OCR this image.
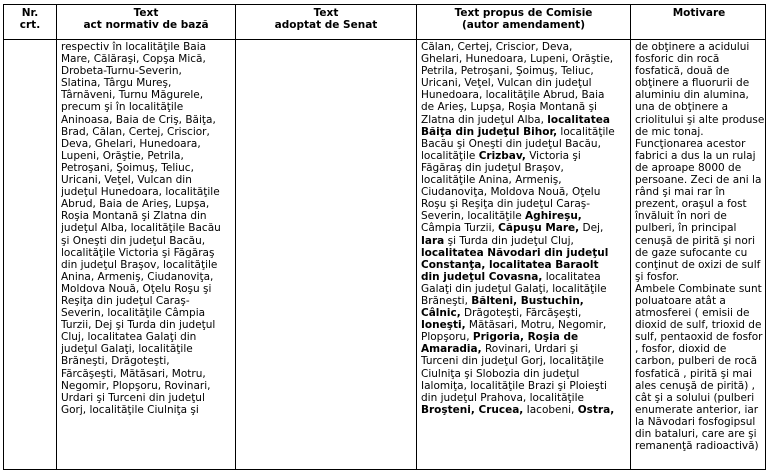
Nr.
crt.
Text
act normativ de bază
Text
adoptat de Senat
Text propus de Comisie
(autor amendament)
Motivare
respectiv în localităţile Baia
Mare, Călăraşi, Copşa Mică,
Drobeta-Turnu-Severin,
Slatina, Târgu Mureş,
Târnăveni, Turnu Măgurele,
precum şi în localităţile
Aninoasa, Baia de Criş, Băiţa,
Brad, Călan, Certej, Criscior,
Deva, Ghelari, Hunedoara,
Lupeni, Orăştie, Petrila,
Petroşani, Şoimuş, Teliuc,
Uricani, Veţel, Vulcan din
judeţul Hunedoara, localităţile
Abrud, Baia de Arieş, Lupşa,
Roşia Montană şi Zlatna din
judeţul Alba, localităţile Bacău
şi Oneşti din judeţul Bacău,
localităţile Victoria şi Făgăraş
din judeţul Braşov, localităţile
Anina, Armeniş, Ciudanoviţa,
Moldova Nouă, Oţelu Roşu şi
Reşiţa din judeţul Caraş-
Severin, localităţile Câmpia
Turzii, Dej şi Turda din judeţul
Cluj, localitatea Galaţi din
judeţul Galaţi, localităţile
Brăneşti, Drăgoteşti,
Fărcăşeşti, Mătăsari, Motru,
Negomir, Plopşoru, Rovinari,
Urdari şi Turceni din judeţul
Gorj, localităţile Ciulniţa şi
Călan, Certej, Criscior, Deva,
Ghelari, Hunedoara, Lupeni, Orăştie,
Petrila, Petroşani, Şoimuş, Teliuc,
Uricani, Veţel, Vulcan din judeţul
Hunedoara, localităţile Abrud, Baia
de Arieş, Lupşa, Roşia Montană şi
Zlatna din judeţul Alba, localitatea
Băiţa din judeţul Bihor, localităţile
Bacău şi Oneşti din judeţul Bacău,
localităţile Crizbav, Victoria şi
Făgăraş din judeţul Braşov,
localităţile Anina, Armeniş,
Ciudanoviţa, Moldova Nouă, Oţelu
Roşu şi Reşiţa din judeţul Caraş-
Severin, localităţile Aghireşu,
Câmpia Turzii, Căpuşu Mare, Dej,
Iara şi Turda din judeţul Cluj,
localitatea Năvodari din judeţul
Constanţa, localitatea Baraolt
din judeţul Covasna, localitatea
Galaţi din judeţul Galaţi, localităţile
Brăneşti, Bălteni, Bustuchin,
Câlnic, Drăgoteşti, Fărcăşeşti,
Ioneşti, Mătăsari, Motru, Negomir,
Plopşoru, Prigoria, Roşia de
Amaradia, Rovinari, Urdari şi
Turceni din judeţul Gorj, localităţile
Ciulniţa şi Slobozia din judeţul
Ialomiţa, localităţile Brazi şi Ploieşti
din judeţul Prahova, localităţile
Broşteni, Crucea, Iacobeni, Ostra,
de obţinere a acidului
fosforic din rocă
fosfatică, două de
obţinere a fluorurii de
aluminiu din alumina,
una de obţinere a
criolitului şi alte produse
de mic tonaj.
Funcţionarea acestor
fabrici a dus la un rulaj
de aproape 8000 de
persoane. Zeci de ani la
rând şi mai rar în
prezent, oraşul a fost
învăluit în nori de
pulberi, în principal
cenuşă de pirită şi nori
de gaze sufocante cu
conţinut de oxizi de sulf
şi fosfor.
Ambele Combinate sunt
poluatoare atât a
atmosferei ( emisii de
dioxid de sulf, trioxid de
sulf, pentaoxid de fosfor
, fosfor, dioxid de
carbon, pulberi de rocă
fosfatică , pirită şi mai
ales cenuşă de pirită) ,
cât şi a solului (pulberi
enumerate anterior, iar
la Năvodari fosfogipsul
din bataluri, care are şi
remanenţă radioactivă)
